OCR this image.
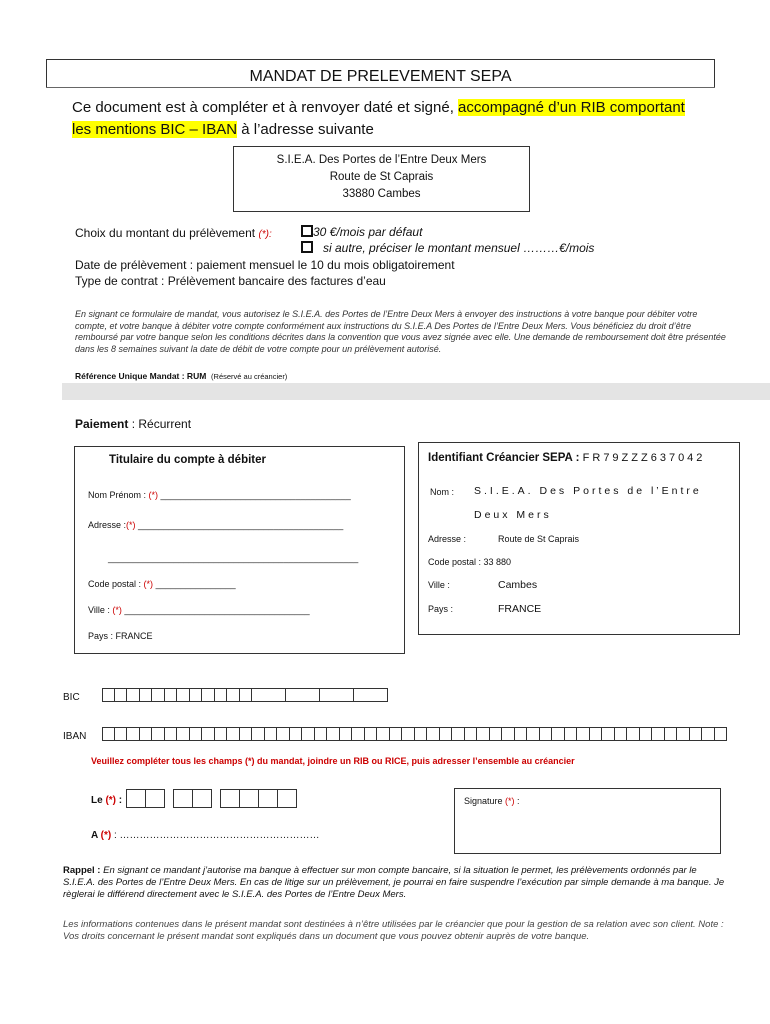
MANDAT DE PRELEVEMENT SEPA
Ce document est à compléter et à renvoyer daté et signé, accompagné d’un RIB comportant
les mentions BIC – IBAN à l’adresse suivante
S.I.E.A. Des Portes de l’Entre Deux Mers
Route de St Caprais
33880 Cambes
Choix du montant du prélèvement (*):	30 €/mois par défaut
si autre, préciser le montant mensuel ………€/mois
Date de prélèvement : paiement mensuel le 10 du mois obligatoirement
Type de contrat : Prélèvement bancaire des factures d’eau
En signant ce formulaire de mandat, vous autorisez le S.I.E.A. des Portes de l’Entre Deux Mers à envoyer des instructions à votre banque pour débiter votre compte, et votre banque à débiter votre compte conformément aux instructions du S.I.E.A Des Portes de l’Entre Deux Mers. Vous bénéficiez du droit d’être remboursé par votre banque selon les conditions décrites dans la convention que vous avez signée avec elle. Une demande de remboursement doit être présentée dans les 8 semaines suivant la date de débit de votre compte pour un prélèvement autorisé.
Référence Unique Mandat : RUM (Réservé au créancier)
Paiement : Récurrent
Titulaire du compte à débiter
Nom Prénom : (*) ______________________________________
Adresse :(*) _________________________________________
__________________________________________________
Code postal : (*) ________________
Ville : (*) _____________________________________
Pays : FRANCE
Identifiant Créancier SEPA : FR79ZZZ637042
Nom : S.I.E.A. Des Portes de l’Entre
Deux Mers
Adresse :	Route de St Caprais
Code postal : 33 880
Ville :	Cambes
Pays :	FRANCE
BIC
IBAN
Veuillez compléter tous les champs (*) du mandat, joindre un RIB ou RICE, puis adresser l’ensemble au créancier
Le (*) :
A (*) : ……………………………………………………
Signature (*) :
Rappel : En signant ce mandant j’autorise ma banque à effectuer sur mon compte bancaire, si la situation le permet, les prélèvements ordonnés par le S.I.E.A. des Portes de l’Entre Deux Mers. En cas de litige sur un prélèvement, je pourrai en faire suspendre l’exécution par simple demande à ma banque. Je règlerai le différend directement avec le S.I.E.A. des Portes de l’Entre Deux Mers.
Les informations contenues dans le présent mandat sont destinées à n’être utilisées par le créancier que pour la gestion de sa relation avec son client. Note : Vos droits concernant le présent mandat sont expliqués dans un document que vous pouvez obtenir auprès de votre banque.
